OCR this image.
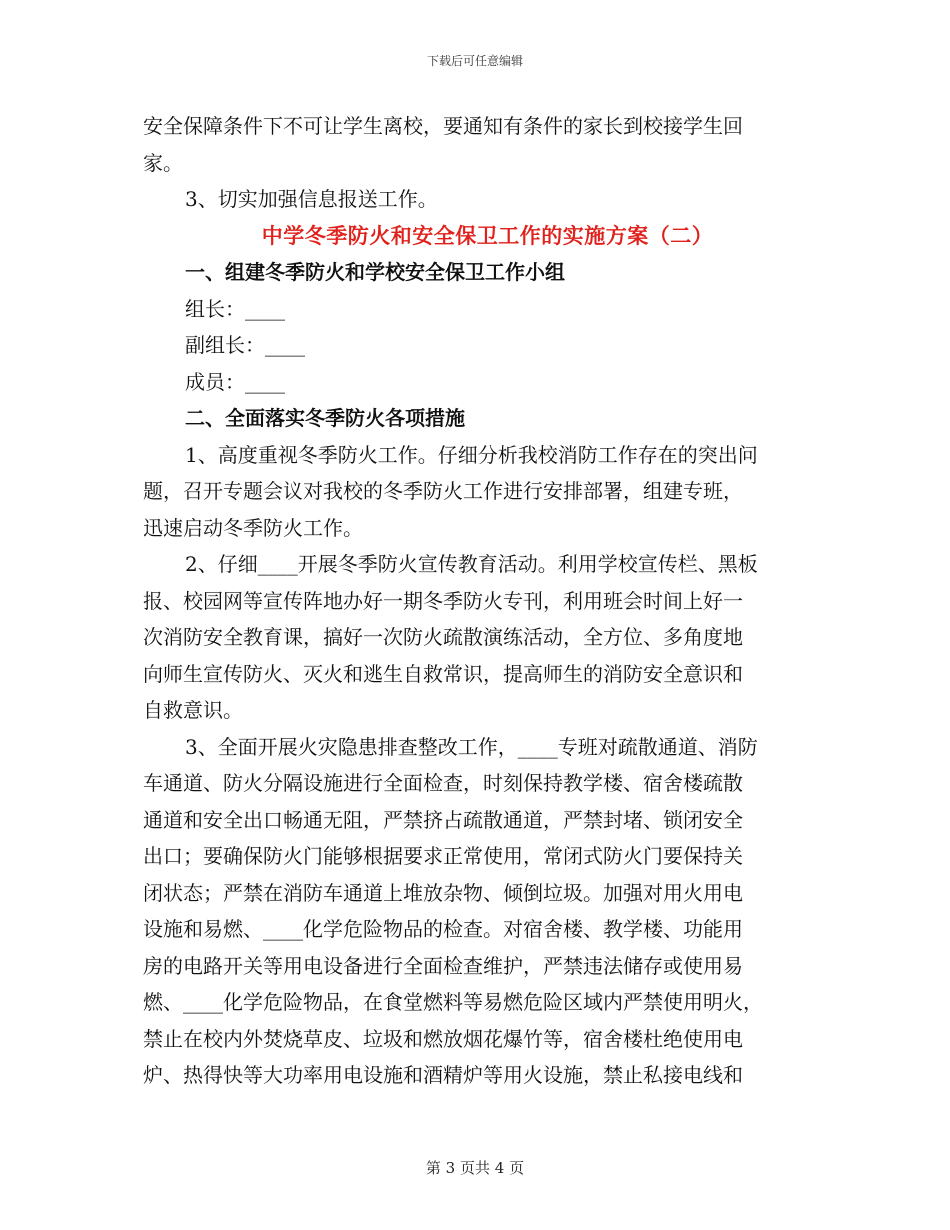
下载后可任意编辑
安全保障条件下不可让学生离校，要通知有条件的家长到校接学生回
家。
3、切实加强信息报送工作。
中学冬季防火和安全保卫工作的实施方案（二）
一、组建冬季防火和学校安全保卫工作小组
组长：____
副组长：____
成员：____
二、全面落实冬季防火各项措施
1、高度重视冬季防火工作。仔细分析我校消防工作存在的突出问
题，召开专题会议对我校的冬季防火工作进行安排部署，组建专班，
迅速启动冬季防火工作。
2、仔细____开展冬季防火宣传教育活动。利用学校宣传栏、黑板
报、校园网等宣传阵地办好一期冬季防火专刊，利用班会时间上好一
次消防安全教育课，搞好一次防火疏散演练活动，全方位、多角度地
向师生宣传防火、灭火和逃生自救常识，提高师生的消防安全意识和
自救意识。
3、全面开展火灾隐患排查整改工作，____专班对疏散通道、消防
车通道、防火分隔设施进行全面检查，时刻保持教学楼、宿舍楼疏散
通道和安全出口畅通无阻，严禁挤占疏散通道，严禁封堵、锁闭安全
出口；要确保防火门能够根据要求正常使用，常闭式防火门要保持关
闭状态；严禁在消防车通道上堆放杂物、倾倒垃圾。加强对用火用电
设施和易燃、____化学危险物品的检查。对宿舍楼、教学楼、功能用
房的电路开关等用电设备进行全面检查维护，严禁违法储存或使用易
燃、____化学危险物品，在食堂燃料等易燃危险区域内严禁使用明火，
禁止在校内外焚烧草皮、垃圾和燃放烟花爆竹等，宿舍楼杜绝使用电
炉、热得快等大功率用电设施和酒精炉等用火设施，禁止私接电线和
第 3 页共 4 页
